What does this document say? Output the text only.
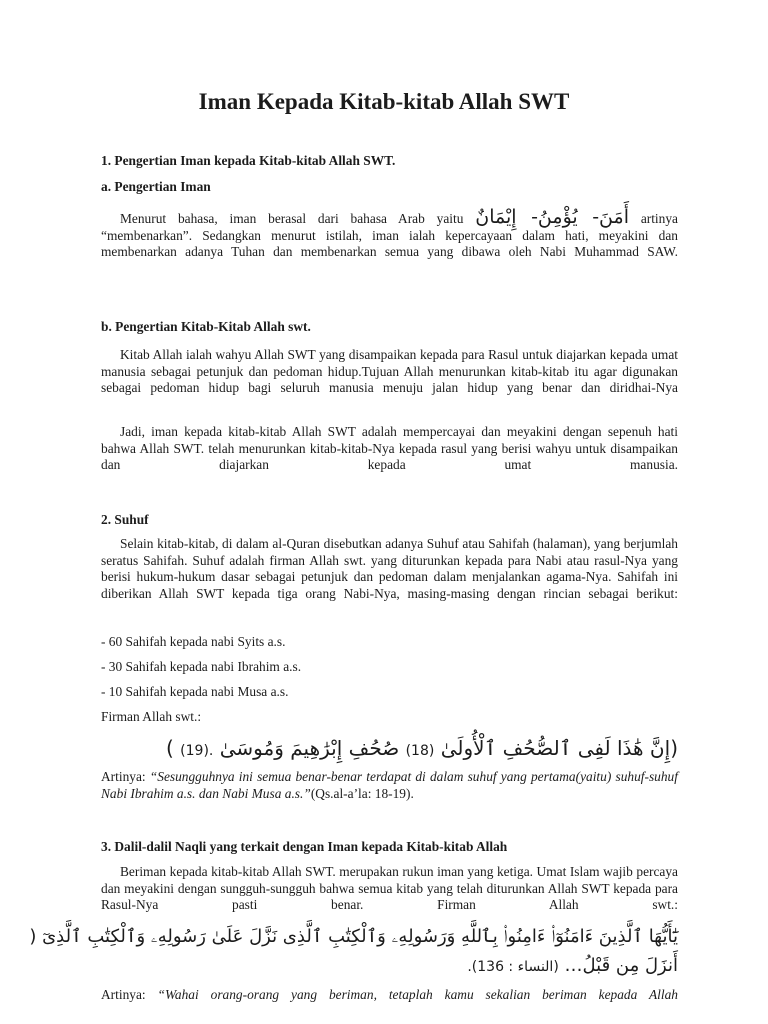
Iman Kepada Kitab-kitab Allah SWT
1. Pengertian Iman kepada Kitab-kitab Allah SWT.
a. Pengertian Iman

Menurut bahasa, iman berasal dari bahasa Arab yaitu أَمَنَ- يُؤْمِنُ- إِيْمَانٌ artinya “membenarkan”. Sedangkan menurut istilah, iman ialah kepercayaan dalam hati, meyakini dan membenarkan adanya Tuhan dan membenarkan semua yang dibawa oleh Nabi Muhammad SAW.

b. Pengertian Kitab-Kitab Allah swt.

Kitab Allah ialah wahyu Allah SWT yang disampaikan kepada para Rasul untuk diajarkan kepada umat manusia sebagai petunjuk dan pedoman hidup.Tujuan Allah menurunkan kitab-kitab itu agar digunakan sebagai pedoman hidup bagi seluruh manusia menuju jalan hidup yang benar dan diridhai-Nya

Jadi, iman kepada kitab-kitab Allah SWT adalah mempercayai dan meyakini dengan sepenuh hati bahwa Allah SWT. telah menurunkan kitab-kitab-Nya kepada rasul yang berisi wahyu untuk disampaikan dan diajarkan kepada umat manusia.

2. Suhuf

Selain kitab-kitab, di dalam al-Quran disebutkan adanya Suhuf atau Sahifah (halaman), yang berjumlah seratus Sahifah. Suhuf adalah firman Allah swt. yang diturunkan kepada para Nabi atau rasul-Nya yang berisi hukum-hukum dasar sebagai petunjuk dan pedoman dalam menjalankan agama-Nya. Sahifah ini diberikan Allah SWT kepada tiga orang Nabi-Nya, masing-masing dengan rincian sebagai berikut:

- 60 Sahifah kepada nabi Syits a.s.
- 30 Sahifah kepada nabi Ibrahim a.s.
- 10 Sahifah kepada nabi Musa a.s.
Firman Allah swt.:
(إِنَّ هَٰذَا لَفِى ٱلصُّحُفِ ٱلْأُولَىٰ (18) صُحُفِ إِبْرَٰهِيمَ وَمُوسَىٰ (19). )

Artinya: “Sesungguhnya ini semua benar-benar terdapat di dalam suhuf yang pertama(yaitu) suhuf-suhuf Nabi Ibrahim a.s. dan Nabi Musa a.s.”(Qs.al-a’la: 18-19).

3. Dalil-dalil Naqli yang terkait dengan Iman kepada Kitab-kitab Allah

Beriman kepada kitab-kitab Allah SWT. merupakan rukun iman yang ketiga. Umat Islam wajib percaya dan meyakini dengan sungguh-sungguh bahwa semua kitab yang telah diturunkan Allah SWT kepada para Rasul-Nya pasti benar. Firman Allah swt.:

يَٰٓأَيُّهَا ٱلَّذِينَ ءَامَنُوٓا۟ ءَامِنُوا۟ بِٱللَّهِ وَرَسُولِهِۦ وَٱلْكِتَٰبِ ٱلَّذِى نَزَّلَ عَلَىٰ رَسُولِهِۦ وَٱلْكِتَٰبِ ٱلَّذِىٓ (
أَنزَلَ مِن قَبْلُ… (النساء : 136).

Artinya: “Wahai orang-orang yang beriman, tetaplah kamu sekalian beriman kepada Allah
